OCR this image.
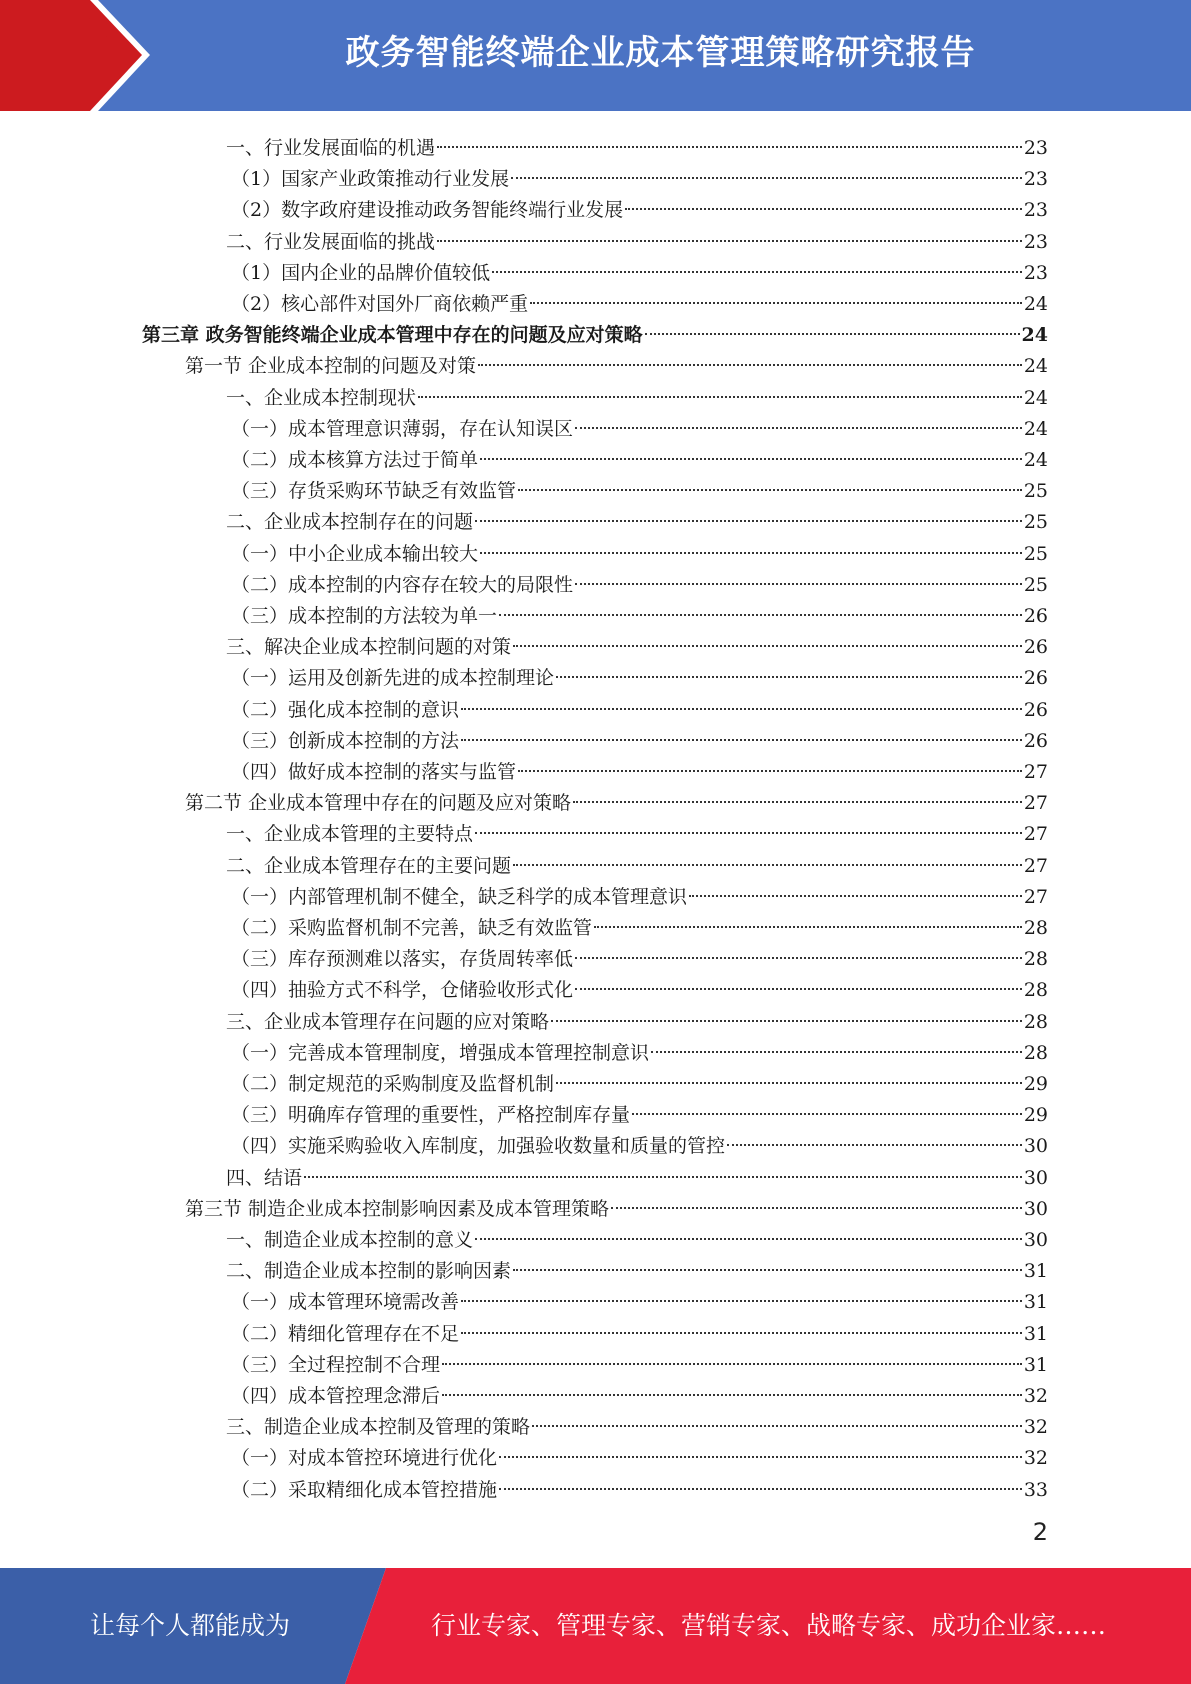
政务智能终端企业成本管理策略研究报告
一、行业发展面临的机遇	23
（1）国家产业政策推动行业发展	23
（2）数字政府建设推动政务智能终端行业发展	23
二、行业发展面临的挑战	23
（1）国内企业的品牌价值较低	23
（2）核心部件对国外厂商依赖严重	24
第三章 政务智能终端企业成本管理中存在的问题及应对策略	24
第一节 企业成本控制的问题及对策	24
一、企业成本控制现状	24
（一）成本管理意识薄弱，存在认知误区	24
（二）成本核算方法过于简单	24
（三）存货采购环节缺乏有效监管	25
二、企业成本控制存在的问题	25
（一）中小企业成本输出较大	25
（二）成本控制的内容存在较大的局限性	25
（三）成本控制的方法较为单一	26
三、解决企业成本控制问题的对策	26
（一）运用及创新先进的成本控制理论	26
（二）强化成本控制的意识	26
（三）创新成本控制的方法	26
（四）做好成本控制的落实与监管	27
第二节 企业成本管理中存在的问题及应对策略	27
一、企业成本管理的主要特点	27
二、企业成本管理存在的主要问题	27
（一）内部管理机制不健全，缺乏科学的成本管理意识	27
（二）采购监督机制不完善，缺乏有效监管	28
（三）库存预测难以落实，存货周转率低	28
（四）抽验方式不科学，仓储验收形式化	28
三、企业成本管理存在问题的应对策略	28
（一）完善成本管理制度，增强成本管理控制意识	28
（二）制定规范的采购制度及监督机制	29
（三）明确库存管理的重要性，严格控制库存量	29
（四）实施采购验收入库制度，加强验收数量和质量的管控	30
四、结语	30
第三节 制造企业成本控制影响因素及成本管理策略	30
一、制造企业成本控制的意义	30
二、制造企业成本控制的影响因素	31
（一）成本管理环境需改善	31
（二）精细化管理存在不足	31
（三）全过程控制不合理	31
（四）成本管控理念滞后	32
三、制造企业成本控制及管理的策略	32
（一）对成本管控环境进行优化	32
（二）采取精细化成本管控措施	33
2
让每个人都能成为	行业专家、管理专家、营销专家、战略专家、成功企业家……
